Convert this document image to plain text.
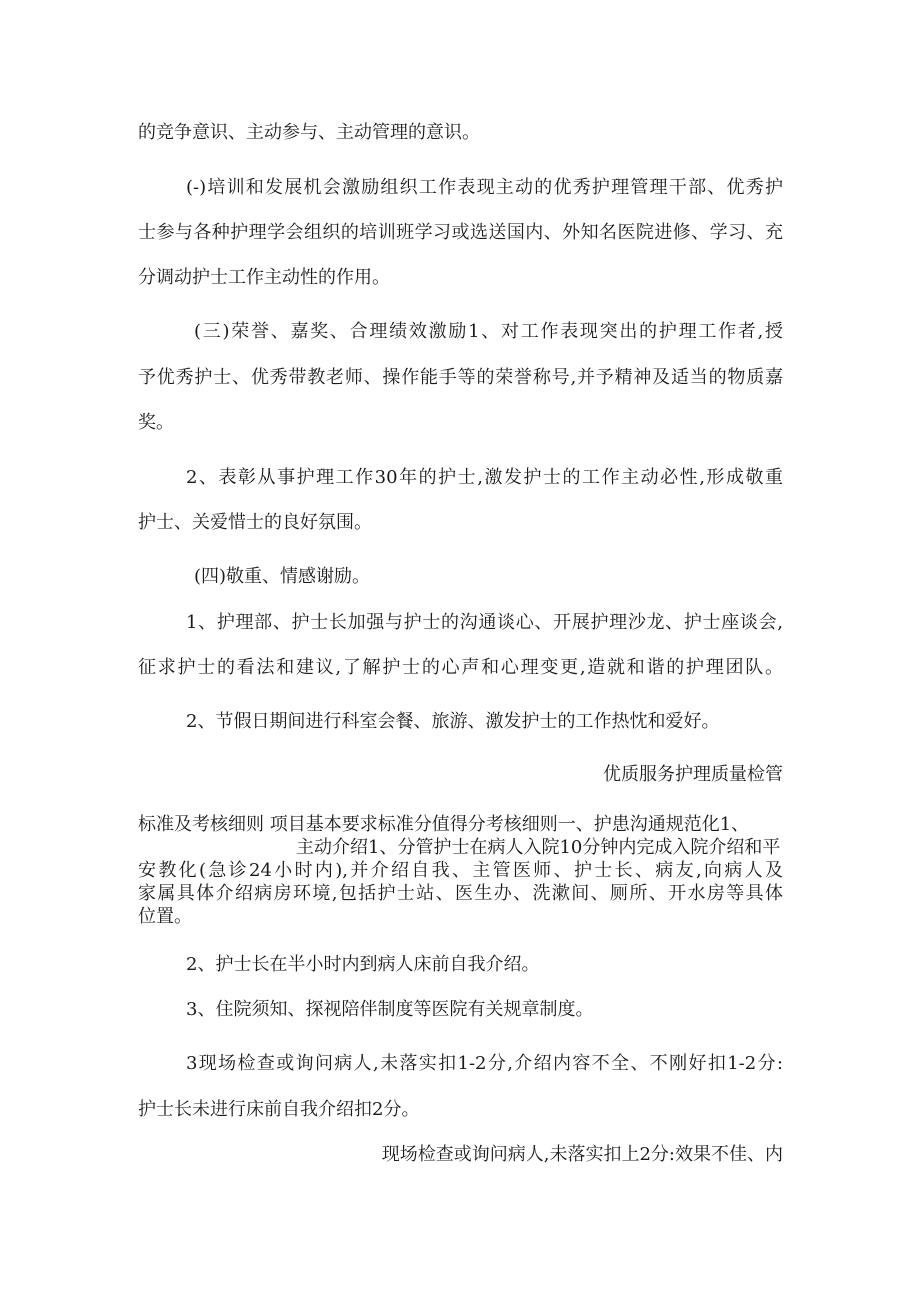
的竞争意识、主动参与、主动管理的意识。
(-)培训和发展机会激励组织工作表现主动的优秀护理管理干部、优秀护
士参与各种护理学会组织的培训班学习或选送国内、外知名医院进修、学习、充
分调动护士工作主动性的作用。
(三)荣誉、嘉奖、合理绩效激励1、对工作表现突出的护理工作者,授
予优秀护士、优秀带教老师、操作能手等的荣誉称号,并予精神及适当的物质嘉
奖。
2、表彰从事护理工作30年的护士,激发护士的工作主动必性,形成敬重
护士、关爱惜士的良好氛围。
(四)敬重、情感谢励。
1、护理部、护士长加强与护士的沟通谈心、开展护理沙龙、护士座谈会,
征求护士的看法和建议,了解护士的心声和心理变更,造就和谐的护理团队。
2、节假日期间进行科室会餐、旅游、激发护士的工作热忱和爱好。
优质服务护理质量检管
标准及考核细则 项目基本要求标准分值得分考核细则一、护患沟通规范化1、
主动介绍1、分管护士在病人入院10分钟内完成入院介绍和平
安教化(急诊24小时内),并介绍自我、主管医师、护士长、病友,向病人及
家属具体介绍病房环境,包括护士站、医生办、洗漱间、厕所、开水房等具体
位置。
2、护士长在半小时内到病人床前自我介绍。
3、住院须知、探视陪伴制度等医院有关规章制度。
3现场检查或询问病人,未落实扣1-2分,介绍内容不全、不刚好扣1-2分:
护士长未进行床前自我介绍扣2分。
现场检查或询问病人,未落实扣上2分:效果不佳、内
